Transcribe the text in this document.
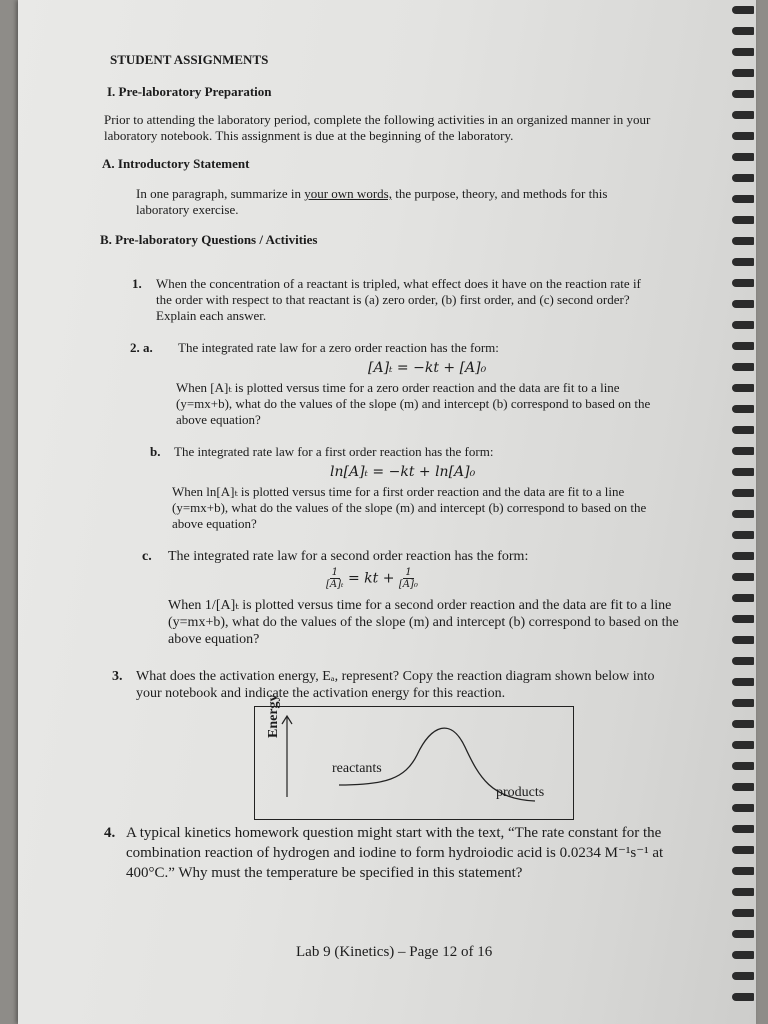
STUDENT ASSIGNMENTS
I. Pre-laboratory Preparation
Prior to attending the laboratory period, complete the following activities in an organized manner in your
laboratory notebook. This assignment is due at the beginning of the laboratory.
A. Introductory Statement
In one paragraph, summarize in your own words, the purpose, theory, and methods for this
laboratory exercise.
B. Pre-laboratory Questions / Activities
1. When the concentration of a reactant is tripled, what effect does it have on the reaction rate if
the order with respect to that reactant is (a) zero order, (b) first order, and (c) second order?
Explain each answer.
2. a. The integrated rate law for a zero order reaction has the form:
[A]ₜ = −kt + [A]₀
When [A]ₜ is plotted versus time for a zero order reaction and the data are fit to a line
(y=mx+b), what do the values of the slope (m) and intercept (b) correspond to based on the
above equation?
b. The integrated rate law for a first order reaction has the form:
ln[A]ₜ = −kt + ln[A]₀
When ln[A]ₜ is plotted versus time for a first order reaction and the data are fit to a line
(y=mx+b), what do the values of the slope (m) and intercept (b) correspond to based on the
above equation?
c. The integrated rate law for a second order reaction has the form:
$\frac{1}{\text{[A]ₜ}}$ = kt + $\frac{1}{\text{[A]₀}}$
When 1/[A]ₜ is plotted versus time for a second order reaction and the data are fit to a line
(y=mx+b), what do the values of the slope (m) and intercept (b) correspond to based on the
above equation?
3. What does the activation energy, Eₐ, represent? Copy the reaction diagram shown below into
your notebook and indicate the activation energy for this reaction.
Energy
reactants
products
4. A typical kinetics homework question might start with the text, “The rate constant for the
combination reaction of hydrogen and iodine to form hydroiodic acid is 0.0234 M⁻¹s⁻¹ at
400°C.” Why must the temperature be specified in this statement?
Lab 9 (Kinetics) – Page 12 of 16
